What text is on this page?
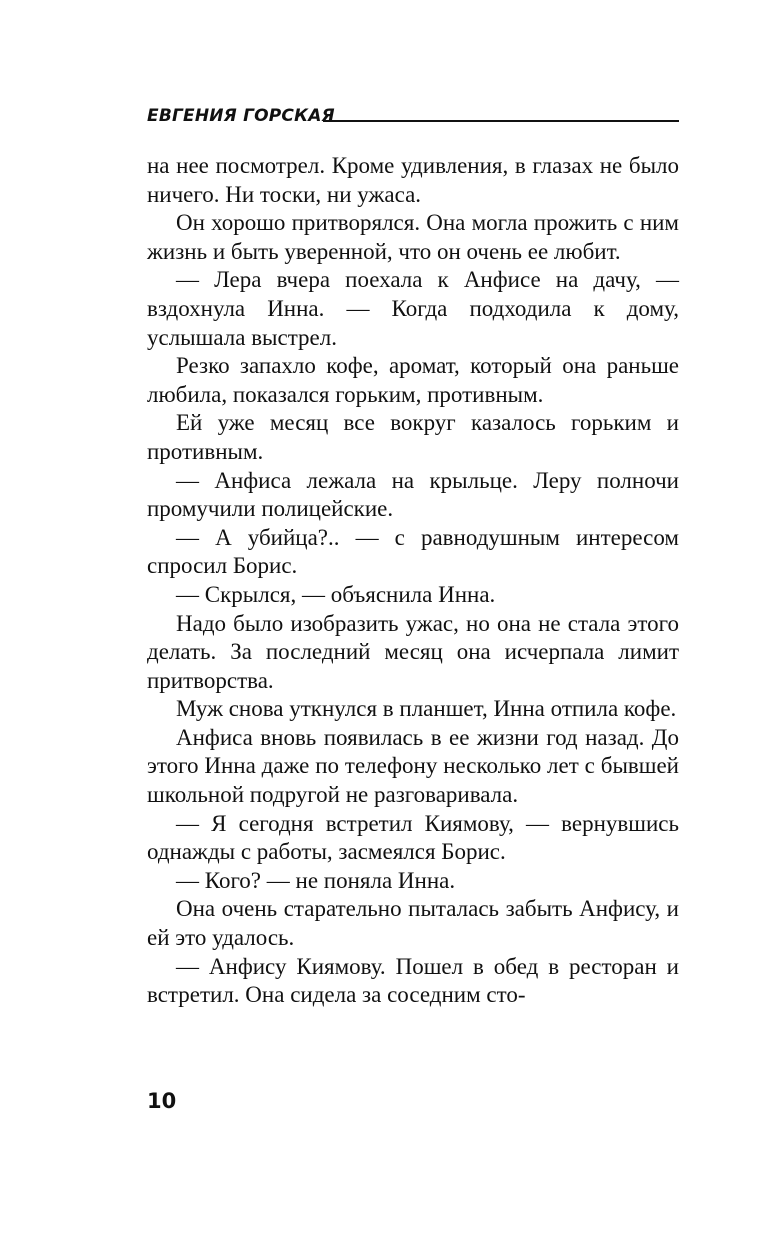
ЕВГЕНИЯ ГОРСКАЯ

на нее посмотрел. Кроме удивления, в глазах не было ничего. Ни тоски, ни ужаса.

Он хорошо притворялся. Она могла прожить с ним жизнь и быть уверенной, что он очень ее любит.

— Лера вчера поехала к Анфисе на дачу, — вздохнула Инна. — Когда подходила к дому, услышала выстрел.

Резко запахло кофе, аромат, который она раньше любила, показался горьким, противным.

Ей уже месяц все вокруг казалось горьким и противным.

— Анфиса лежала на крыльце. Леру полночи промучили полицейские.

— А убийца?.. — с равнодушным интересом спросил Борис.

— Скрылся, — объяснила Инна.

Надо было изобразить ужас, но она не стала этого делать. За последний месяц она исчерпала лимит притворства.

Муж снова уткнулся в планшет, Инна отпила кофе.

Анфиса вновь появилась в ее жизни год назад. До этого Инна даже по телефону несколько лет с бывшей школьной подругой не разговаривала.

— Я сегодня встретил Киямову, — вернувшись однажды с работы, засмеялся Борис.

— Кого? — не поняла Инна.

Она очень старательно пыталась забыть Анфису, и ей это удалось.

— Анфису Киямову. Пошел в обед в ресторан и встретил. Она сидела за соседним сто-

10
